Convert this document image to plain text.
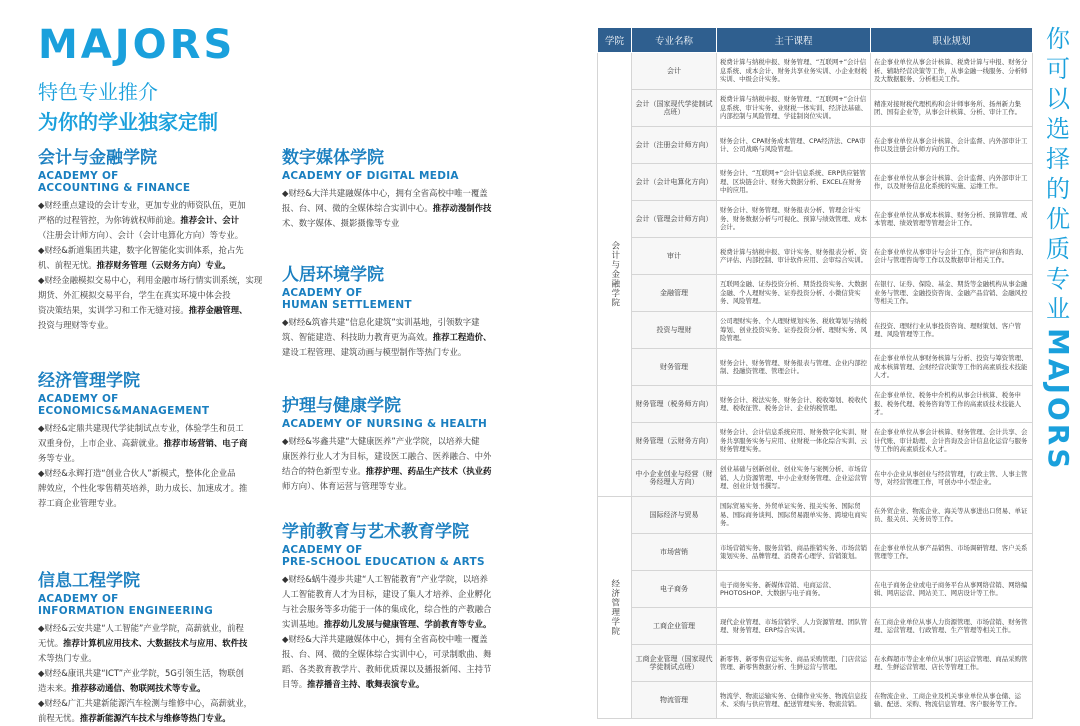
MAJORS
特色专业推介
为你的学业独家定制
会计与金融学院
ACADEMY OF
ACCOUNTING & FINANCE

◆财经重点建设的会计专业，更加专业的师资队伍，更加

严格的过程管控，为你铸就权师前途。推荐会计、会计

（注册会计师方向）、会计（会计电算化方向）等专业。

◆财经&新道集团共建，数字化智能化实训体系，抢占先

机、前程无忧。推荐财务管理（云财务方向）专业。

◆财经金融模拟交易中心，利用金融市场行情实训系统，实现

期货、外汇模拟交易平台，学生在真实环境中体会投

资决策结果，实训学习和工作无缝对接。推荐金融管理、

投资与理财等专业。

经济管理学院
ACADEMY OF
ECONOMICS&MANAGEMENT

◆财经&定鼎共建现代学徒制试点专业，体验学生和员工

双重身份，上市企业、高薪就业。推荐市场营销、电子商

务等专业。

◆财经&永辉打造“创业合伙人”新模式，整体化企业品

牌效应，个性化零售精英培养，助力成长、加速成才。推

荐工商企业管理专业。

信息工程学院
ACADEMY OF
INFORMATION ENGINEERING

◆财经&云安共建“人工智能”产业学院，高薪就业，前程

无忧。推荐计算机应用技术、大数据技术与应用、软件技

术等热门专业。

◆财经&康讯共建“ICT”产业学院，5G引领生活，物联创

造未来。推荐移动通信、物联网技术等专业。

◆财经&广汇共建新能源汽车检测与维修中心，高薪就业，

前程无忧。推荐新能源汽车技术与维修等热门专业。

数字媒体学院
ACADEMY OF DIGITAL MEDIA

◆财经&大洋共建融媒体中心，拥有全省高校中唯一覆盖

报、台、网、微的全媒体综合实训中心。推荐动漫制作技

术、数字媒体、摄影摄像等专业

人居环境学院
ACADEMY OF
HUMAN SETTLEMENT

◆财经&筑睿共建“信息化建筑”实训基地，引领数字建

筑、智能建造、科技助力教育更为高效。推荐工程造价、

建设工程管理、建筑动画与模型制作等热门专业。

护理与健康学院
ACADEMY OF NURSING & HEALTH

◆财经&岑鑫共建“大健康医养”产业学院，以培养大健

康医养行业人才为目标，建设医工融合、医养融合、中外

结合的特色新型专业。推荐护理、药品生产技术（执业药

师方向）、体育运营与管理等专业。

学前教育与艺术教育学院
ACADEMY OF
PRE-SCHOOL EDUCATION & ARTS

◆财经&蜗牛漫步共建“人工智能教育”产业学院，以培养

人工智能教育人才为目标，建设了集人才培养、企业孵化

与社会服务等多功能于一体的集成化，综合性的产教融合

实训基地。推荐幼儿发展与健康管理、学前教育等专业。

◆财经&大洋共建融媒体中心，拥有全省高校中唯一覆盖

报、台、网、微的全媒体综合实训中心，可录制歌曲、舞

蹈、各类教育教学片、教师优质课以及播报新闻、主持节

目等。推荐播音主持、歌舞表演专业。

学院	专业名称	主干课程	职业规划
会计与金融学院	会计	税费计算与纳税申报、财务管理、“互联网+”会计信息系统、成本会计、财务共享业务实训、小企业财税实训、中级会计实务。	在企事业单位从事会计核算、税费计算与申报、财务分析、辅助经营决策等工作，从事金融一线服务、分析师及大数据服务、分析相关工作。
	会计（国家现代学徒制试点班）	税费计算与纳税申报、财务管理、“互联网+”会计信息系统、审计实务、业财税一体实训、经济法基础、内部控制与风险管理、学徒制岗位实训。	精准对接财税代理机构和会计师事务所、扬州新力集团、国有企业等，从事会计核算、分析、审计工作。
	会计（注册会计师方向）	财务会计、CPA财务成本管理、CPA经济法、CPA审计、公司战略与风险管理。	在企事业单位从事会计核算、会计监督、内外部审计工作以及注册会计师方向的工作。
	会计（会计电算化方向）	财务会计、“互联网+”会计信息系统、ERP供应链管理、区块链会计、财务大数据分析、EXCEL在财务中的应用。	在企事业单位从事会计核算、会计监督、内外部审计工作，以及财务信息化系统的实施、运维工作。
	会计（管理会计师方向）	财务会计、财务管理、财务报表分析、管理会计实务、财务数据分析与可视化、预算与绩效管理、成本会计。	在企事业单位从事成本核算、财务分析、预算管理、成本管理、绩效管理等管理会计工作。
	审计	税费计算与纳税申报、审计实务、财务报表分析、资产评估、内部控制、审计软件应用、会审综合实训。	在企事业单位从事审计与会计工作，资产评估和咨询、会计与管理咨询等工作以及数据审计相关工作。
	金融管理	互联网金融、证券投资分析、期货投资实务、大数据金融、个人理财实务、证券投资分析、小微信贷实务、风险管理。	在银行、证券、保险、基金、期货等金融机构从事金融业务与管理、金融投资咨询、金融产品营销、金融风控等相关工作。
	投资与理财	公司理财实务、个人理财规划实务、税收筹划与纳税筹划、创业投资实务、证券投资分析、理财实务、风险管理。	在投资、理财行业从事投资咨询、理财策划、客户管理、风险管理等工作。
	财务管理	财务会计、财务管理、财务报表与管理、企业内部控制、投融资管理、管理会计。	在企事业单位从事财务核算与分析、投资与筹资管理、成本核算管理、会财经营决策等工作的高素质技术技能人才。
	财务管理（税务师方向）	财务会计、税法实务、财务会计、税收筹划、税收代理、税收征管、税务会计、企业纳税管理。	在企事业单位、税务中介机构从事会计核算、税务申报、税务代理、税务咨询等工作的高素质技术技能人才。
	财务管理（云财务方向）	财务会计、会计信息系统应用、财务数字化实训、财务共享服务实务与应用、业财税一体化综合实训、云财务管理实务。	在企事业单位从事会计核算、财务管理、会计共享、会计代账、审计助理、会计咨询及会计信息化运营与服务等工作的高素质技术人才。
	中小企业创业与经营（财务经理人方向）	创业基础与创新创业、创业实务与案例分析、市场营销、人力资源管理、中小企业财务管理、企业运营管理、创业计划书撰写。	在中小企业从事创业与经营管理，行政主管、人事主管等，对经营管理工作，可创办中小型企业。
经济管理学院	国际经济与贸易	国际贸易实务、外贸单证实务、报关实务、国际贸易、国际商务谈判、国际贸易跟单实务、跨境电商实务。	在外贸企业、物流企业、海关等从事进出口贸易、单证员、报关员、关务员等工作。
	市场营销	市场营销实务、服务营销、商品推销实务、市场营销策划实务、品牌管理、消费者心理学、营销策划。	在企事业单位从事产品销售、市场调研管理、客户关系管理等工作。
	电子商务	电子商务实务、新媒体营销、电商运营、PHOTOSHOP、大数据与电子商务。	在电子商务企业或电子商务平台从事网络营销、网络编辑、网店运营、网站美工、网店设计等工作。
	工商企业管理	现代企业管理、市场营销学、人力资源管理、团队管理、财务管理、ERP综合实训。	在工商企业单位从事人力资源管理、市场营销、财务管理、运营管理、行政管理、生产管理等相关工作。
	工商企业管理（国家现代学徒制试点班）	新零售、新零售营运实务、商品采购管理、门店营运管理、新零售数据分析、生鲜运营与管理。	在永辉超市等企业单位从事门店运营管理、商品采购管理、生鲜运营管理、店长等管理工作。
	物流管理	物流学、物流运输实务、仓储作业实务、物流信息技术、采购与供应管理、配送管理实务、物流营销。	在物流企业、工商企业及机关事业单位从事仓储、运输、配送、采购、物流信息管理、客户服务等工作。
你
可
以
选
择
的
优
质
专
业
MAJORS
